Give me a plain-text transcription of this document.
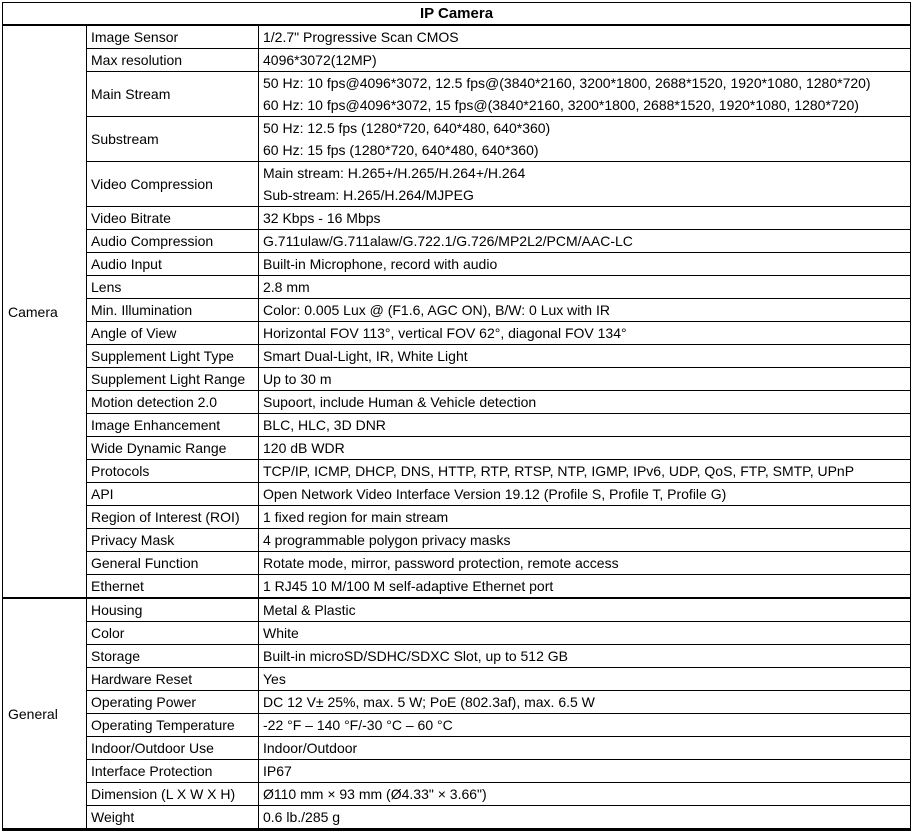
IP Camera		
Camera	Image Sensor	1/2.7" Progressive Scan CMOS

	Max resolution	4096*3072(12MP)

	Main Stream	50 Hz: 10 fps@4096*3072, 12.5 fps@(3840*2160, 3200*1800, 2688*1520, 1920*1080, 1280*720)
60 Hz: 10 fps@4096*3072, 15 fps@(3840*2160, 3200*1800, 2688*1520, 1920*1080, 1280*720)

	Substream	50 Hz: 12.5 fps (1280*720, 640*480, 640*360)
60 Hz: 15 fps (1280*720, 640*480, 640*360)

	Video Compression	Main stream: H.265+/H.265/H.264+/H.264
Sub-stream: H.265/H.264/MJPEG

	Video Bitrate	32 Kbps - 16 Mbps

	Audio Compression	G.711ulaw/G.711alaw/G.722.1/G.726/MP2L2/PCM/AAC-LC

	Audio Input	Built-in Microphone, record with audio

	Lens	2.8 mm

	Min. Illumination	Color: 0.005 Lux @ (F1.6, AGC ON), B/W: 0 Lux with IR

	Angle of View	Horizontal FOV 113°, vertical FOV 62°, diagonal FOV 134°

	Supplement Light Type	Smart Dual-Light, IR, White Light

	Supplement Light Range	Up to 30 m

	Motion detection 2.0	Supoort, include Human & Vehicle detection

	Image Enhancement	BLC, HLC, 3D DNR

	Wide Dynamic Range	120 dB WDR

	Protocols	TCP/IP, ICMP, DHCP, DNS, HTTP, RTP, RTSP, NTP, IGMP, IPv6, UDP, QoS, FTP, SMTP, UPnP

	API	Open Network Video Interface Version 19.12 (Profile S, Profile T, Profile G)

	Region of Interest (ROI)	1 fixed region for main stream

	Privacy Mask	4 programmable polygon privacy masks

	General Function	Rotate mode, mirror, password protection, remote access

	Ethernet	1 RJ45 10 M/100 M self-adaptive Ethernet port

General	Housing	Metal & Plastic

	Color	White

	Storage	Built-in microSD/SDHC/SDXC Slot, up to 512 GB

	Hardware Reset	Yes

	Operating Power	DC 12 V± 25%, max. 5 W; PoE (802.3af), max. 6.5 W

	Operating Temperature	-22 °F – 140 °F/-30 °C – 60 °C

	Indoor/Outdoor Use	Indoor/Outdoor

	Interface Protection	IP67

	Dimension (L X W X H)	Ø110 mm × 93 mm (Ø4.33" × 3.66")

	Weight	0.6 lb./285 g
